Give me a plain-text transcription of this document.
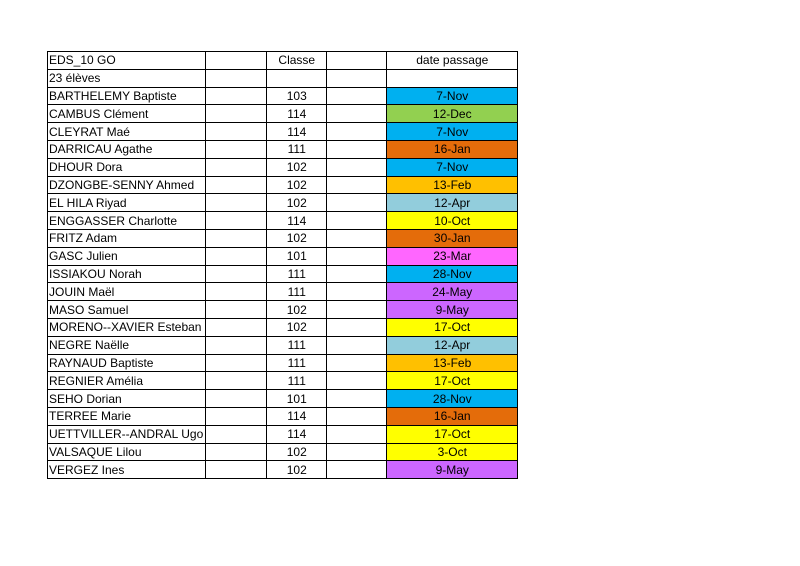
EDS_10 GO		Classe		date passage
23 élèves				
BARTHELEMY Baptiste		103		7-Nov
CAMBUS Clément		114		12-Dec
CLEYRAT Maé		114		7-Nov
DARRICAU Agathe		111		16-Jan
DHOUR Dora		102		7-Nov
DZONGBE-SENNY Ahmed		102		13-Feb
EL HILA Riyad		102		12-Apr
ENGGASSER Charlotte		114		10-Oct
FRITZ Adam		102		30-Jan
GASC Julien		101		23-Mar
ISSIAKOU Norah		111		28-Nov
JOUIN Maël		111		24-May
MASO Samuel		102		9-May
MORENO--XAVIER Esteban		102		17-Oct
NEGRE Naëlle		111		12-Apr
RAYNAUD Baptiste		111		13-Feb
REGNIER Amélia		111		17-Oct
SEHO Dorian		101		28-Nov
TERREE Marie		114		16-Jan
UETTVILLER--ANDRAL Ugo		114		17-Oct
VALSAQUE Lilou		102		3-Oct
VERGEZ Ines		102		9-May
